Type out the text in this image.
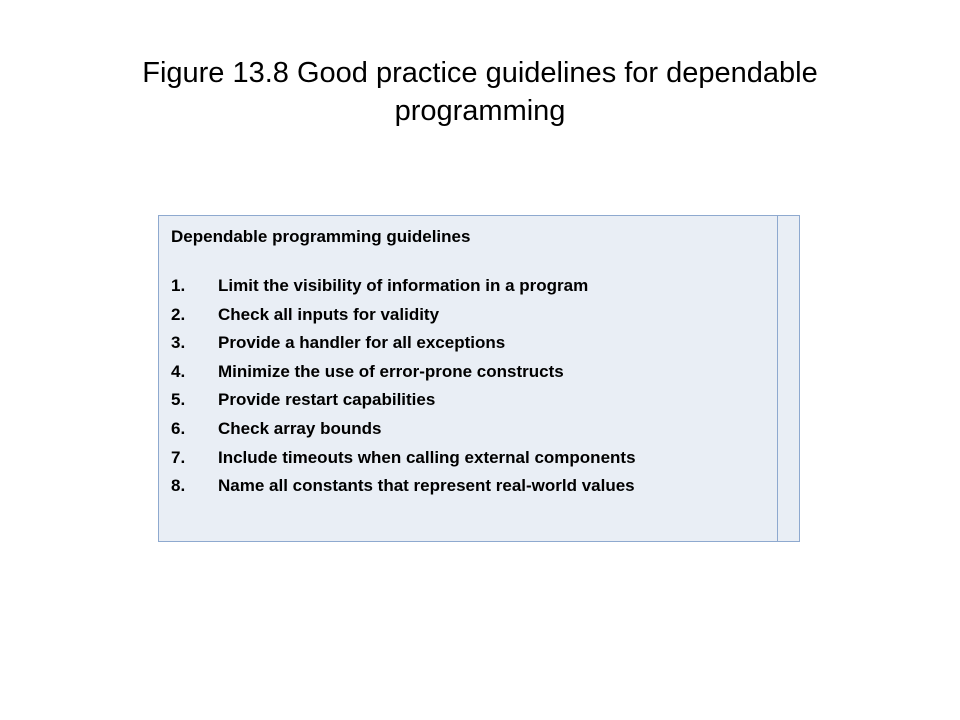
Figure 13.8 Good practice guidelines for dependable programming
Dependable programming guidelines
1.	Limit the visibility of information in a program
2.	Check all inputs for validity
3.	Provide a handler for all exceptions
4.	Minimize the use of error-prone constructs
5.	Provide restart capabilities
6.	Check array bounds
7.	Include timeouts when calling external components
8.	Name all constants that represent real-world values
